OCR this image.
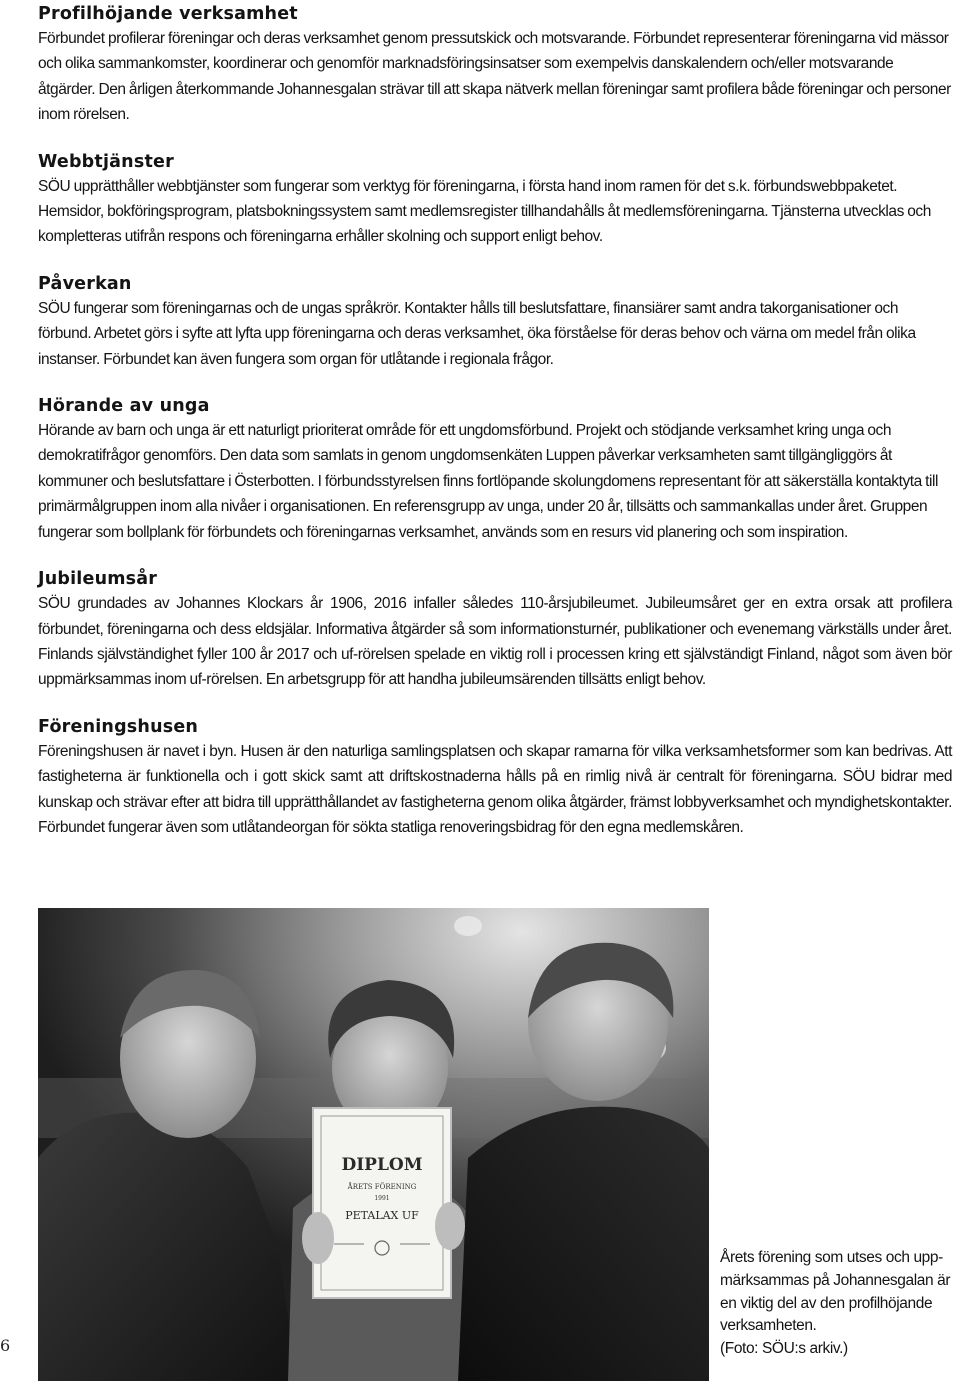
Profilhöjande verksamhet

Förbundet profilerar föreningar och deras verksamhet genom pressutskick och motsvarande. Förbundet representerar föreningarna vid mässor och olika sammankomster, koordinerar och genomför marknadsföringsinsatser som exempelvis danskalendern och/eller motsvarande åtgärder. Den årligen återkommande Johannesgalan strävar till att skapa nätverk mellan föreningar samt profilera både föreningar och personer inom rörelsen.

Webbtjänster

SÖU upprätthåller webbtjänster som fungerar som verktyg för föreningarna, i första hand inom ramen för det s.k. förbundswebbpaketet. Hemsidor, bokföringsprogram, platsbokningssystem samt medlemsregister tillhandahålls åt medlemsföreningarna. Tjänsterna utvecklas och kompletteras utifrån respons och föreningarna erhåller skolning och support enligt behov.

Påverkan

SÖU fungerar som föreningarnas och de ungas språkrör. Kontakter hålls till beslutsfattare, finansiärer samt andra takorganisationer och förbund. Arbetet görs i syfte att lyfta upp föreningarna och deras verksamhet, öka förståelse för deras behov och värna om medel från olika instanser. Förbundet kan även fungera som organ för utlåtande i regionala frågor.

Hörande av unga

Hörande av barn och unga är ett naturligt prioriterat område för ett ungdomsförbund. Projekt och stödjande verksamhet kring unga och demokratifrågor genomförs. Den data som samlats in genom ungdomsenkäten Luppen påverkar verksamheten samt tillgängliggörs åt kommuner och beslutsfattare i Österbotten. I förbundsstyrelsen finns fortlöpande skolungdomens representant för att säkerställa kontaktyta till primärmålgruppen inom alla nivåer i organisationen. En referensgrupp av unga, under 20 år, tillsätts och sammankallas under året. Gruppen fungerar som bollplank för förbundets och föreningarnas verksamhet, används som en resurs vid planering och som inspiration.

Jubileumsår

SÖU grundades av Johannes Klockars år 1906, 2016 infaller således 110-årsjubileumet. Jubileumsåret ger en extra orsak att profilera förbundet, föreningarna och dess eldsjälar. Informativa åtgärder så som informationsturnér, publikationer och evenemang värkställs under året. Finlands självständighet fyller 100 år 2017 och uf-rörelsen spelade en viktig roll i processen kring ett självständigt Finland, något som även bör uppmärksammas inom uf-rörelsen. En arbetsgrupp för att handha jubileumsärenden tillsätts enligt behov.

Föreningshusen

Föreningshusen är navet i byn. Husen är den naturliga samlingsplatsen och skapar ramarna för vilka verksamhetsformer som kan bedrivas. Att fastigheterna är funktionella och i gott skick samt att driftskostnaderna hålls på en rimlig nivå är centralt för föreningarna. SÖU bidrar med kunskap och strävar efter att bidra till upprätthållandet av fastigheterna genom olika åtgärder, främst lobbyverksamhet och myndighetskontakter. Förbundet fungerar även som utlåtandeorgan för sökta statliga renoveringsbidrag för den egna medlemskåren.

DIPLOM
ÅRETS FÖRENING
1991
PETALAX UF
Årets förening som utses och upp-
märksammas på Johannesgalan är
en viktig del av den profilhöjande
verksamheten.
(Foto: SÖU:s arkiv.)
6
